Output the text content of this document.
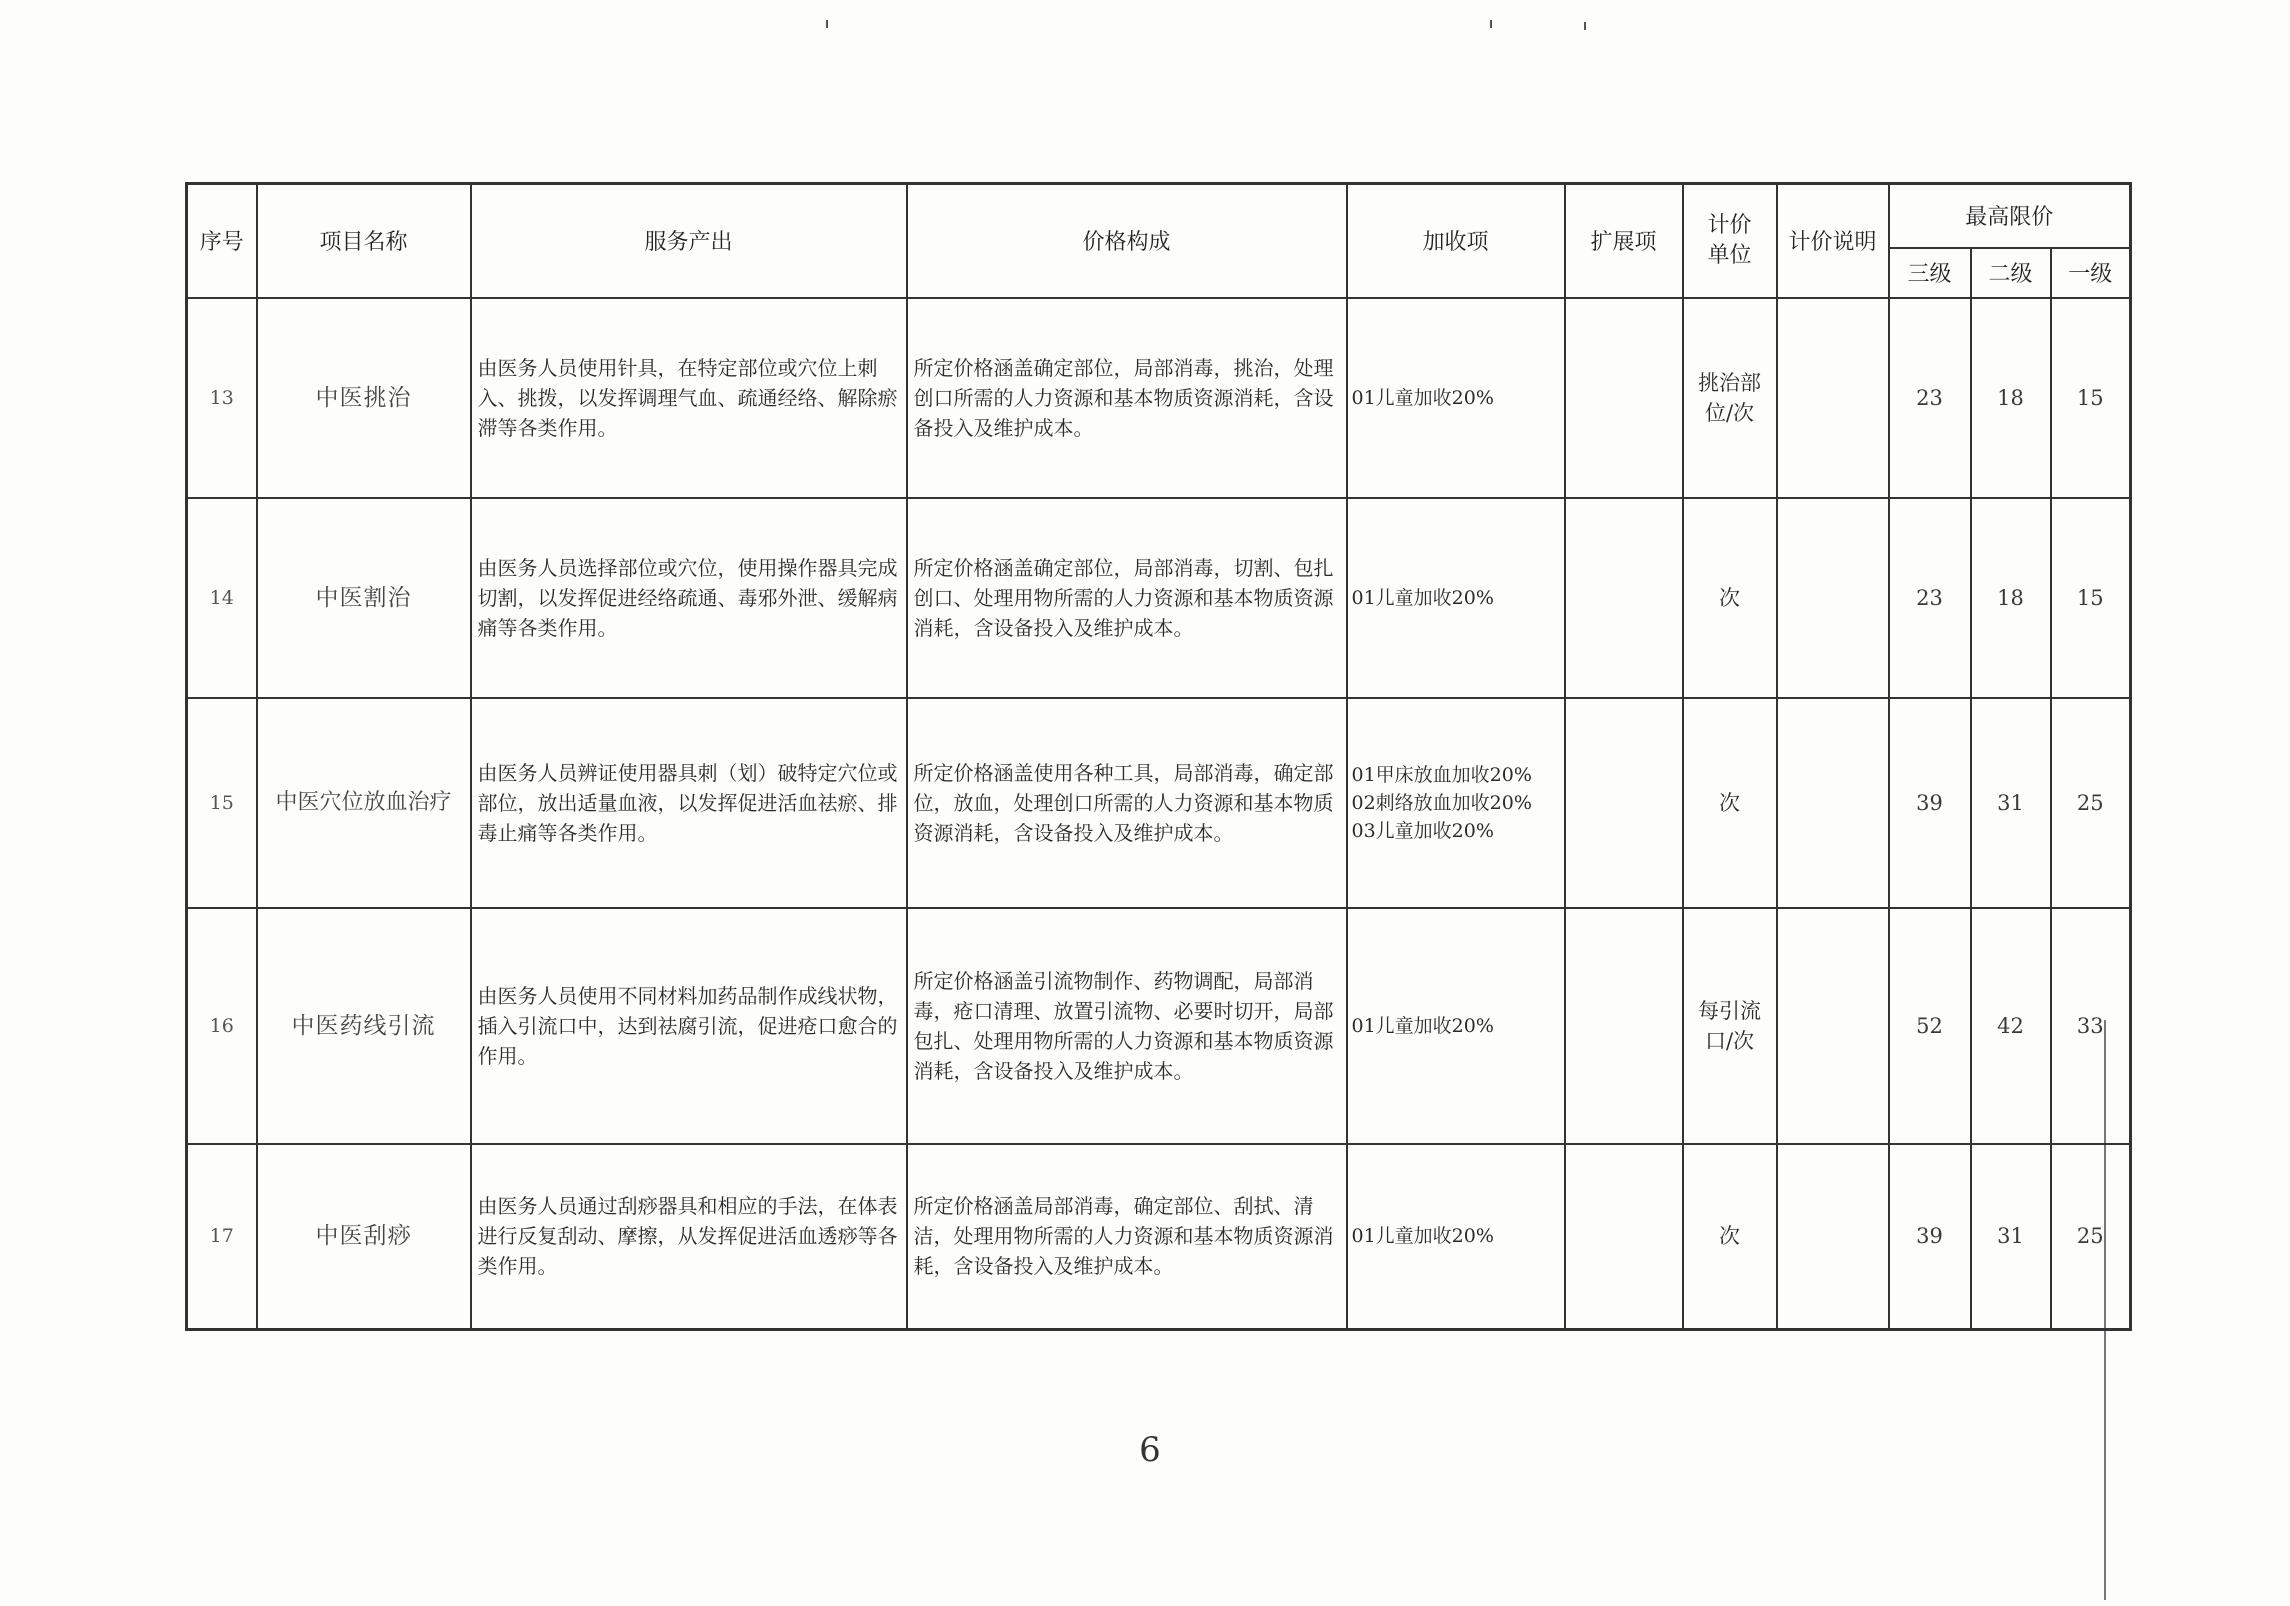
序号	项目名称	服务产出	价格构成	加收项	扩展项	计价
单位	计价说明	最高限价		
								三级	二级	一级
13	中医挑治	由医务人员使用针具，在特定部位或穴位上刺入、挑拨，以发挥调理气血、疏通经络、解除瘀滞等各类作用。	所定价格涵盖确定部位，局部消毒，挑治，处理创口所需的人力资源和基本物质资源消耗，含设备投入及维护成本。	01儿童加收20%		挑治部位/次		23	18	15
14	中医割治	由医务人员选择部位或穴位，使用操作器具完成切割，以发挥促进经络疏通、毒邪外泄、缓解病痛等各类作用。	所定价格涵盖确定部位，局部消毒，切割、包扎创口、处理用物所需的人力资源和基本物质资源消耗，含设备投入及维护成本。	01儿童加收20%		次		23	18	15
15	中医穴位放血治疗	由医务人员辨证使用器具刺（划）破特定穴位或部位，放出适量血液，以发挥促进活血祛瘀、排毒止痛等各类作用。	所定价格涵盖使用各种工具，局部消毒，确定部位，放血，处理创口所需的人力资源和基本物质资源消耗，含设备投入及维护成本。	01甲床放血加收20%
02刺络放血加收20%
03儿童加收20%		次		39	31	25
16	中医药线引流	由医务人员使用不同材料加药品制作成线状物，插入引流口中，达到祛腐引流，促进疮口愈合的作用。	所定价格涵盖引流物制作、药物调配，局部消毒，疮口清理、放置引流物、必要时切开，局部包扎、处理用物所需的人力资源和基本物质资源消耗，含设备投入及维护成本。	01儿童加收20%		每引流口/次		52	42	33
17	中医刮痧	由医务人员通过刮痧器具和相应的手法，在体表进行反复刮动、摩擦，从发挥促进活血透痧等各类作用。	所定价格涵盖局部消毒，确定部位、刮拭、清洁，处理用物所需的人力资源和基本物质资源消耗，含设备投入及维护成本。	01儿童加收20%		次		39	31	25
6
